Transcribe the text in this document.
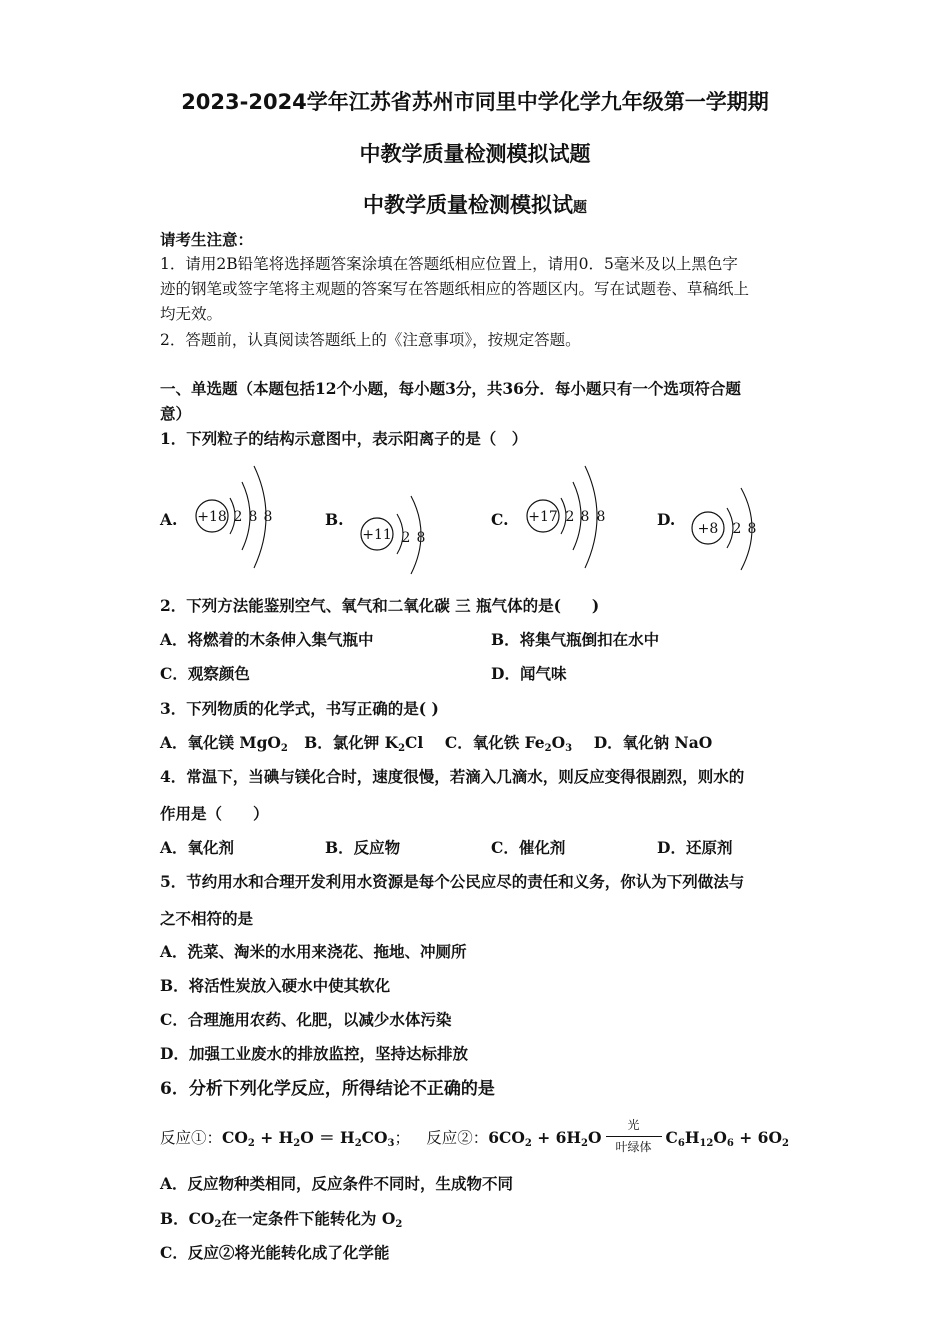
2023-2024学年江苏省苏州市同里中学化学九年级第一学期期
中教学质量检测模拟试题
中教学质量检测模拟试题
请考生注意：
1．请用2B铅笔将选择题答案涂填在答题纸相应位置上，请用0．5毫米及以上黑色字
迹的钢笔或签字笔将主观题的答案写在答题纸相应的答题区内。写在试题卷、草稿纸上
均无效。
2．答题前，认真阅读答题纸上的《注意事项》，按规定答题。
一、单选题（本题包括12个小题，每小题3分，共36分．每小题只有一个选项符合题
意）
1．下列粒子的结构示意图中，表示阳离子的是（　）
A. +18 2 8 8	B.
+11 2 8
C. +17 2 8 8	D. +8 2 8
2．下列方法能鉴别空气、氧气和二氧化碳 三 瓶气体的是(　　)
A．将燃着的木条伸入集气瓶中	B．将集气瓶倒扣在水中
C．观察颜色	D．闻气味
3．下列物质的化学式，书写正确的是( )
A．氧化镁 MgO$_2$ B．氯化钾 $K_2Cl$ C．氧化铁 $Fe_2O_3$ D．氧化钠 NaO
4．常温下，当碘与镁化合时，速度很慢，若滴入几滴水，则反应变得很剧烈，则水的
作用是（　　）
A．氧化剂	B．反应物	C．催化剂	D．还原剂
5．节约用水和合理开发利用水资源是每个公民应尽的责任和义务，你认为下列做法与
之不相符的是
A．洗菜、淘米的水用来浇花、拖地、冲厕所
B．将活性炭放入硬水中使其软化
C．合理施用农药、化肥，以减少水体污染
D．加强工业废水的排放监控，坚持达标排放
6．分析下列化学反应，所得结论不正确的是
反应①：$CO_2 + H_2O = H_2CO_3$； 反应②：$6CO_2 + 6H_2O$
光
叶绿体 $C_6H_{12}O_6 + 6O_2$
A．反应物种类相同，反应条件不同时，生成物不同
B．$CO_2$在一定条件下能转化为 $O_2$
C．反应②将光能转化成了化学能
